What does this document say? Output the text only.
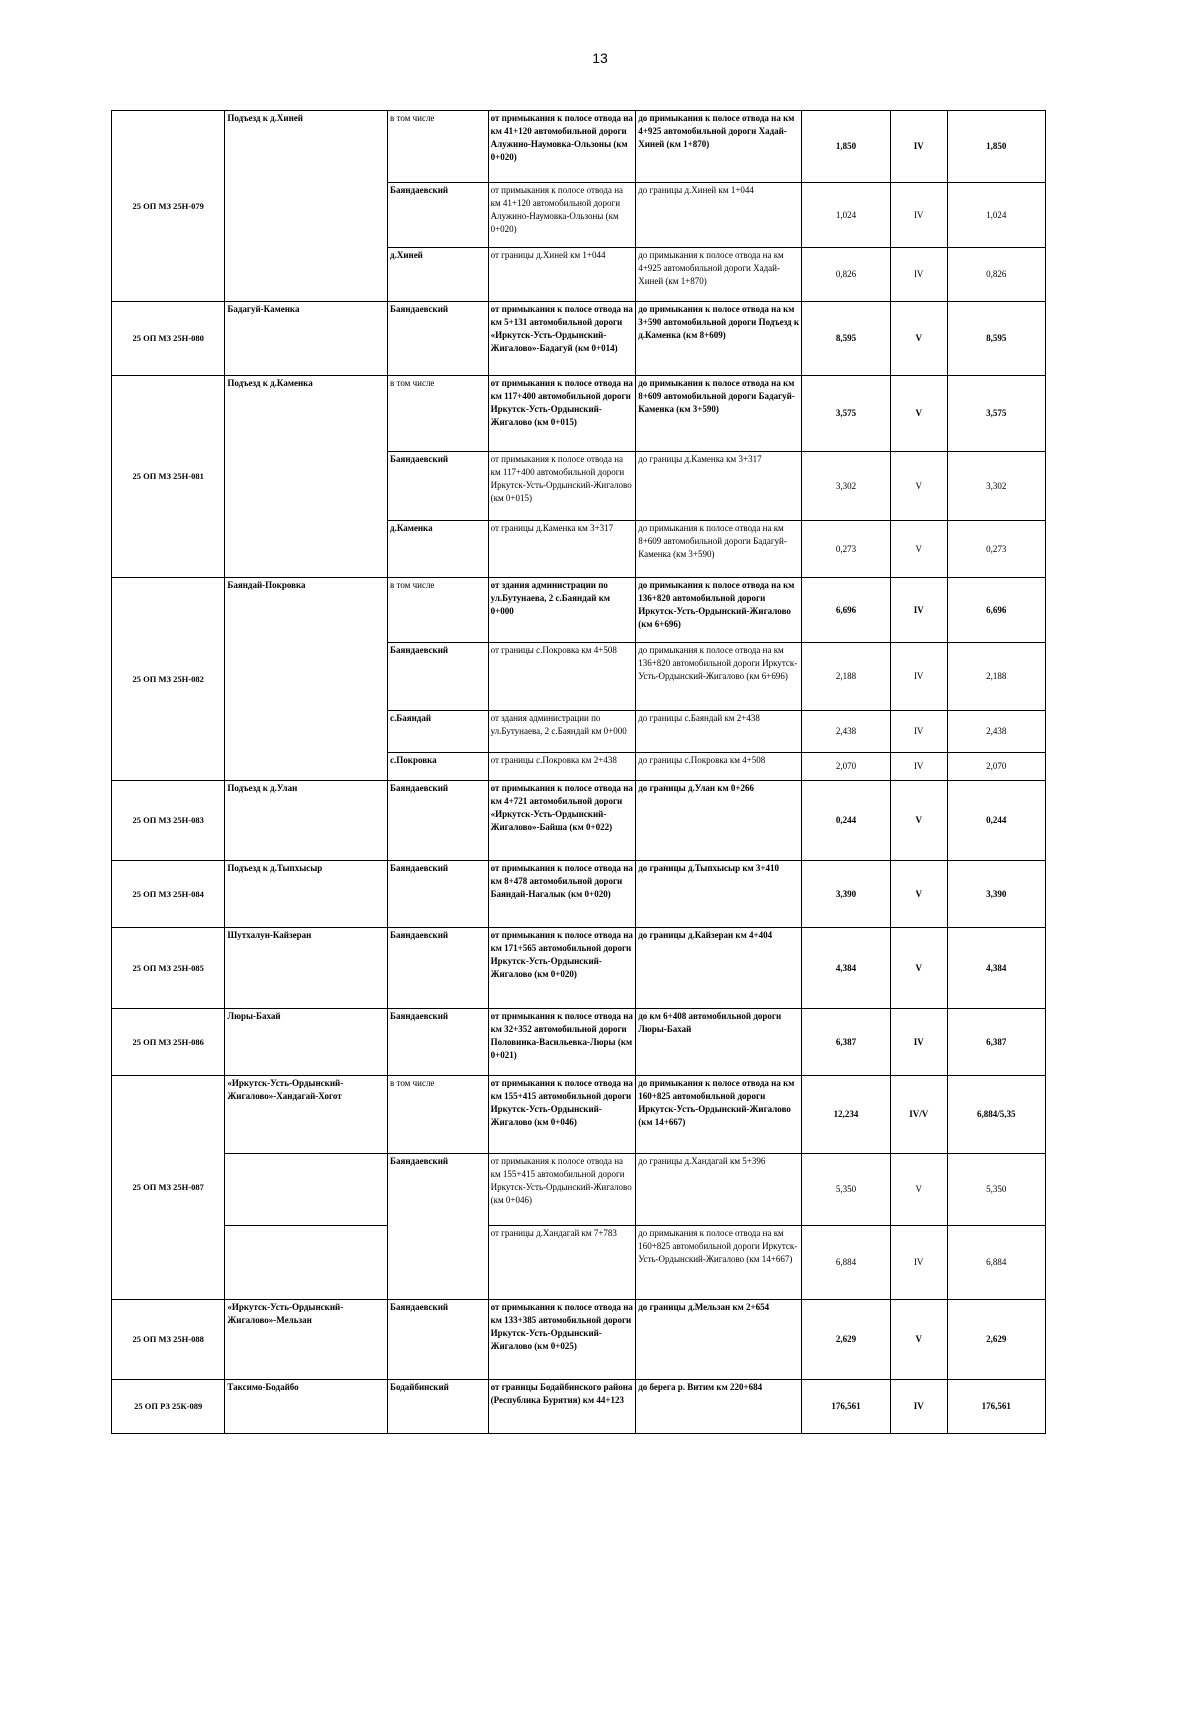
13
25 ОП МЗ 25Н-079	Подъезд к д.Хиней	в том числе	от примыкания к полосе отвода на км 41+120 автомобильной дороги Алужино-Наумовка-Ользоны (км 0+020)	до примыкания к полосе отвода на км 4+925 автомобильной дороги Хадай-Хиней (км 1+870)	1,850	IV	1,850
		Баяндаевский	от примыкания к полосе отвода на км 41+120 автомобильной дороги Алужино-Наумовка-Ользоны (км 0+020)	до границы д.Хиней км 1+044	1,024	IV	1,024
		д.Хиней	от границы д.Хиней км 1+044	до примыкания к полосе отвода на км 4+925 автомобильной дороги Хадай-Хиней (км 1+870)	0,826	IV	0,826
25 ОП МЗ 25Н-080	Бадагуй-Каменка	Баяндаевский	от примыкания к полосе отвода на км 5+131 автомобильной дороги «Иркутск-Усть-Ордынский-Жигалово»-Бадагуй (км 0+014)	до примыкания к полосе отвода на км 3+590 автомобильной дороги Подъезд к д.Каменка (км 8+609)	8,595	V	8,595
25 ОП МЗ 25Н-081	Подъезд к д.Каменка	в том числе	от примыкания к полосе отвода на км 117+400 автомобильной дороги Иркутск-Усть-Ордынский-Жигалово (км 0+015)	до примыкания к полосе отвода на км 8+609 автомобильной дороги Бадагуй-Каменка (км 3+590)	3,575	V	3,575
		Баяндаевский	от примыкания к полосе отвода на км 117+400 автомобильной дороги Иркутск-Усть-Ордынский-Жигалово (км 0+015)	до границы д.Каменка км 3+317	3,302	V	3,302
		д.Каменка	от границы д.Каменка км 3+317	до примыкания к полосе отвода на км 8+609 автомобильной дороги Бадагуй-Каменка (км 3+590)	0,273	V	0,273
25 ОП МЗ 25Н-082	Баяндай-Покровка	в том числе	от здания администрации по ул.Бутунаева, 2 с.Баяндай км 0+000	до примыкания к полосе отвода на км 136+820 автомобильной дороги Иркутск-Усть-Ордынский-Жигалово (км 6+696)	6,696	IV	6,696
		Баяндаевский	от границы с.Покровка км 4+508	до примыкания к полосе отвода на км 136+820 автомобильной дороги Иркутск-Усть-Ордынский-Жигалово (км 6+696)	2,188	IV	2,188
		с.Баяндай	от здания администрации по ул.Бутунаева, 2 с.Баяндай км 0+000	до границы с.Баяндай км 2+438	2,438	IV	2,438
		с.Покровка	от границы с.Покровка км 2+438	до границы с.Покровка км 4+508	2,070	IV	2,070
25 ОП МЗ 25Н-083	Подъезд к д.Улан	Баяндаевский	от примыкания к полосе отвода на км 4+721 автомобильной дороги «Иркутск-Усть-Ордынский-Жигалово»-Байша (км 0+022)	до границы д.Улан км 0+266	0,244	V	0,244
25 ОП МЗ 25Н-084	Подъезд к д.Тыпхысыр	Баяндаевский	от примыкания к полосе отвода на км 8+478 автомобильной дороги Баяндай-Нагалык (км 0+020)	до границы д.Тыпхысыр км 3+410	3,390	V	3,390
25 ОП МЗ 25Н-085	Шутхалун-Кайзеран	Баяндаевский	от примыкания к полосе отвода на км 171+565 автомобильной дороги Иркутск-Усть-Ордынский-Жигалово (км 0+020)	до границы д.Кайзеран км 4+404	4,384	V	4,384
25 ОП МЗ 25Н-086	Люры-Бахай	Баяндаевский	от примыкания к полосе отвода на км 32+352 автомобильной дороги Половинка-Васильевка-Люры (км 0+021)	до км 6+408 автомобильной дороги Люры-Бахай	6,387	IV	6,387
25 ОП МЗ 25Н-087	«Иркутск-Усть-Ордынский-Жигалово»-Хандагай-Хогот	в том числе	от примыкания к полосе отвода на км 155+415 автомобильной дороги Иркутск-Усть-Ордынский-Жигалово (км 0+046)	до примыкания к полосе отвода на км 160+825 автомобильной дороги Иркутск-Усть-Ордынский-Жигалово (км 14+667)	12,234	IV/V	6,884/5,35
		Баяндаевский	от примыкания к полосе отвода на км 155+415 автомобильной дороги Иркутск-Усть-Ордынский-Жигалово (км 0+046)	до границы д.Хандагай км 5+396	5,350	V	5,350
			от границы д.Хандагай км 7+783	до примыкания к полосе отвода на км 160+825 автомобильной дороги Иркутск-Усть-Ордынский-Жигалово (км 14+667)	6,884	IV	6,884
25 ОП МЗ 25Н-088	«Иркутск-Усть-Ордынский-Жигалово»-Мельзан	Баяндаевский	от примыкания к полосе отвода на км 133+385 автомобильной дороги Иркутск-Усть-Ордынский-Жигалово (км 0+025)	до границы д.Мельзан км 2+654	2,629	V	2,629
25 ОП РЗ 25К-089	Таксимо-Бодайбо	Бодайбинский	от границы Бодайбинского района (Республика Бурятия) км 44+123	до берега р. Витим км 220+684	176,561	IV	176,561
